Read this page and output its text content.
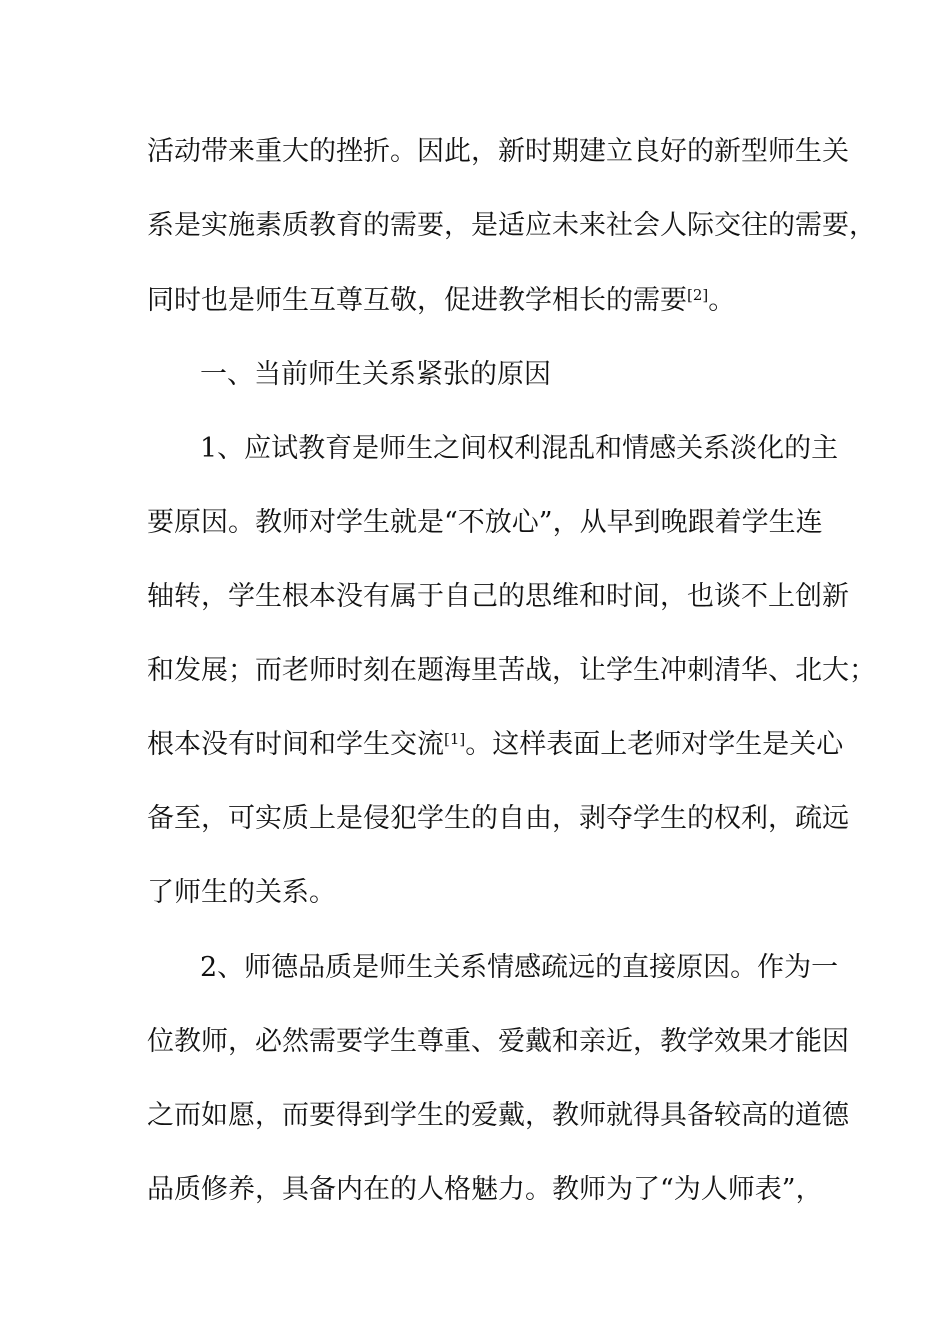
活动带来重大的挫折。因此，新时期建立良好的新型师生关
系是实施素质教育的需要，是适应未来社会人际交往的需要，
同时也是师生互尊互敬，促进教学相长的需要[2]。
一、当前师生关系紧张的原因
1、应试教育是师生之间权利混乱和情感关系淡化的主
要原因。教师对学生就是“不放心”，从早到晚跟着学生连
轴转，学生根本没有属于自己的思维和时间，也谈不上创新
和发展；而老师时刻在题海里苦战，让学生冲刺清华、北大；
根本没有时间和学生交流[1]。这样表面上老师对学生是关心
备至，可实质上是侵犯学生的自由，剥夺学生的权利，疏远
了师生的关系。
2、师德品质是师生关系情感疏远的直接原因。作为一
位教师，必然需要学生尊重、爱戴和亲近，教学效果才能因
之而如愿，而要得到学生的爱戴，教师就得具备较高的道德
品质修养，具备内在的人格魅力。教师为了“为人师表”，
